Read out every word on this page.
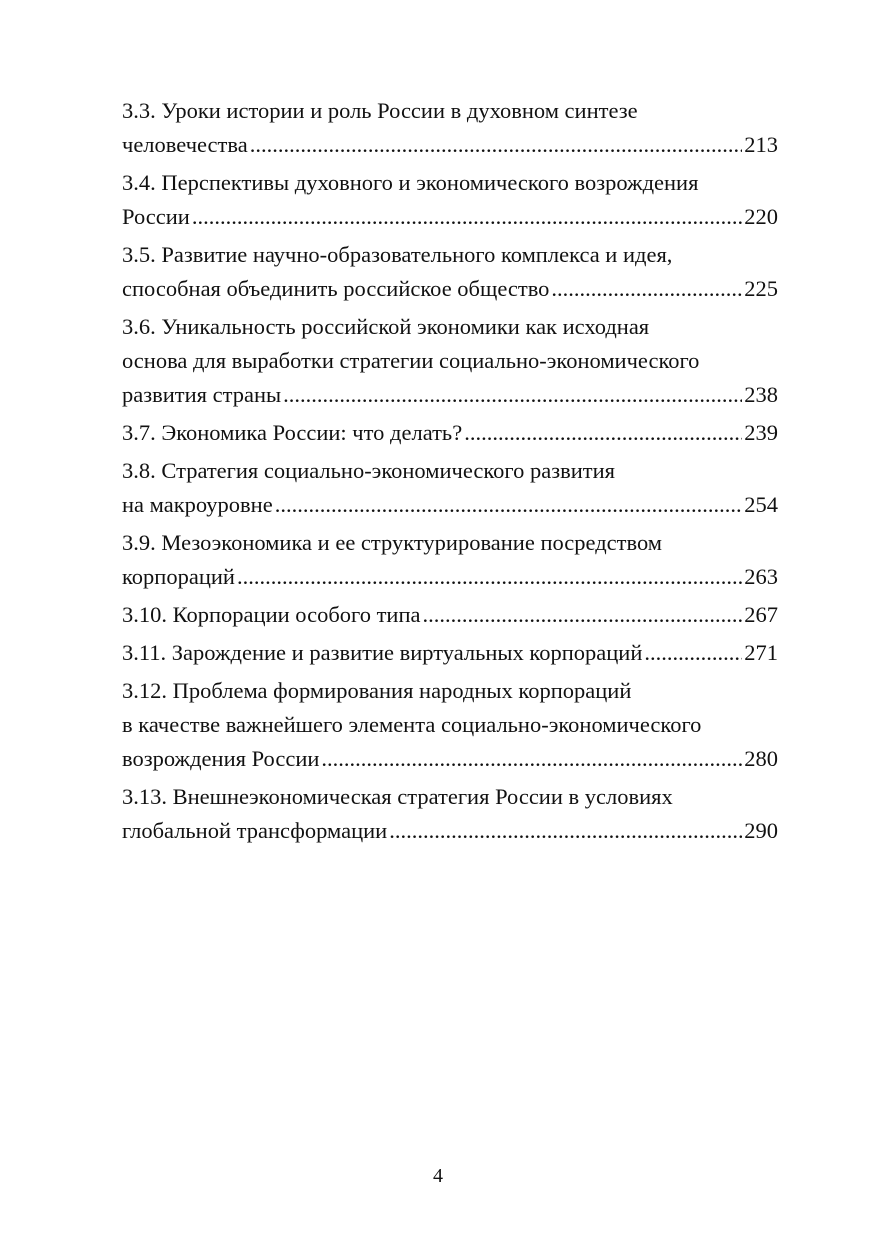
3.3. Уроки истории и роль России в духовном синтезе
человечества .....	213
3.4. Перспективы духовного и экономического возрождения
России .....	220
3.5. Развитие научно-образовательного комплекса и идея,
способная объединить российское общество .....	225
3.6. Уникальность российской экономики как исходная
основа для выработки стратегии социально-экономического
развития страны .....	238
3.7. Экономика России: что делать? .....	239
3.8. Стратегия социально-экономического развития
на макроуровне .....	254
3.9. Мезоэкономика и ее структурирование посредством
корпораций .....	263
3.10. Корпорации особого типа .....	267
3.11. Зарождение и развитие виртуальных корпораций .....	271
3.12. Проблема формирования народных корпораций
в качестве важнейшего элемента социально-экономического
возрождения России .....	280
3.13. Внешнеэкономическая стратегия России в условиях
глобальной трансформации .....	290
4
